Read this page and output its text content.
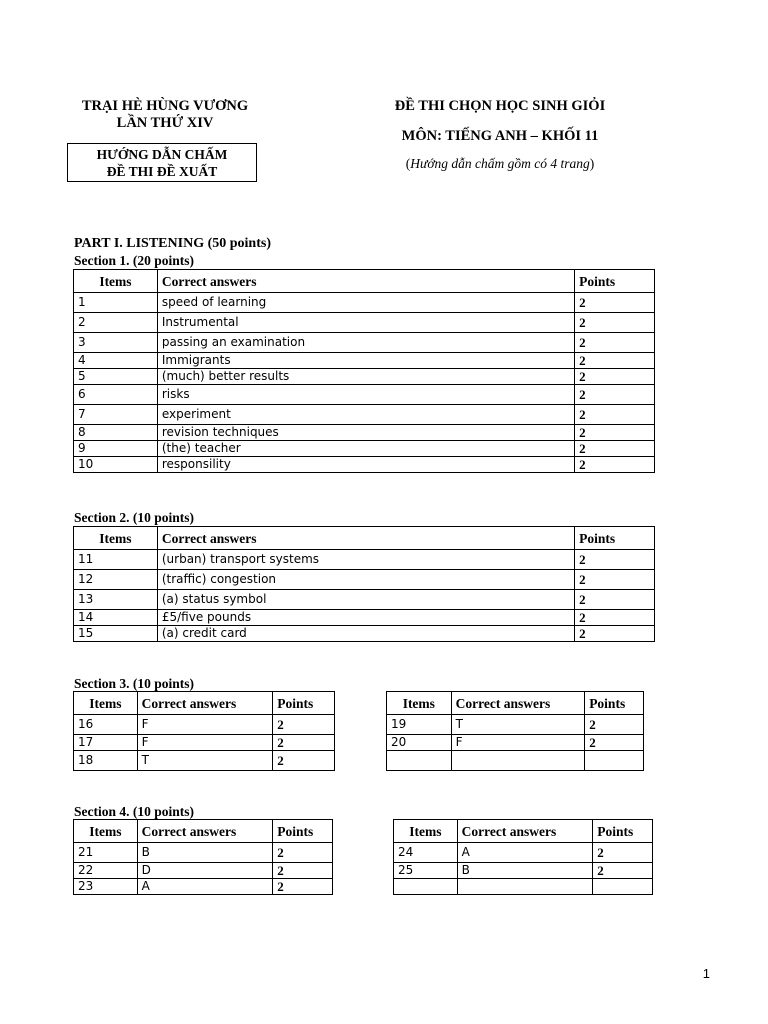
TRẠI HÈ HÙNG VƯƠNG
LẦN THỨ XIV
HƯỚNG DẪN CHẤM
ĐỀ THI ĐỀ XUẤT
ĐỀ THI CHỌN HỌC SINH GIỎI
MÔN: TIẾNG ANH – KHỐI 11
(Hướng dẫn chấm gồm có 4 trang)
PART I. LISTENING (50 points)
Section 1. (20 points)
Items	Correct answers	Points
1	speed of learning	2
2	Instrumental	2
3	passing an examination	2
4	Immigrants	2
5	(much) better results	2
6	risks	2
7	experiment	2
8	revision techniques	2
9	(the) teacher	2
10	responsility	2
Section 2. (10 points)
Items	Correct answers	Points
11	(urban) transport systems	2
12	(traffic) congestion	2
13	(a) status symbol	2
14	£5/five pounds	2
15	(a) credit card	2
Section 3. (10 points)
Items	Correct answers	Points
16	F	2
17	F	2
18	T	2
Items	Correct answers	Points
19	T	2
20	F	2

Section 4. (10 points)
Items	Correct answers	Points
21	B	2
22	D	2
23	A	2
Items	Correct answers	Points
24	A	2
25	B	2

1
